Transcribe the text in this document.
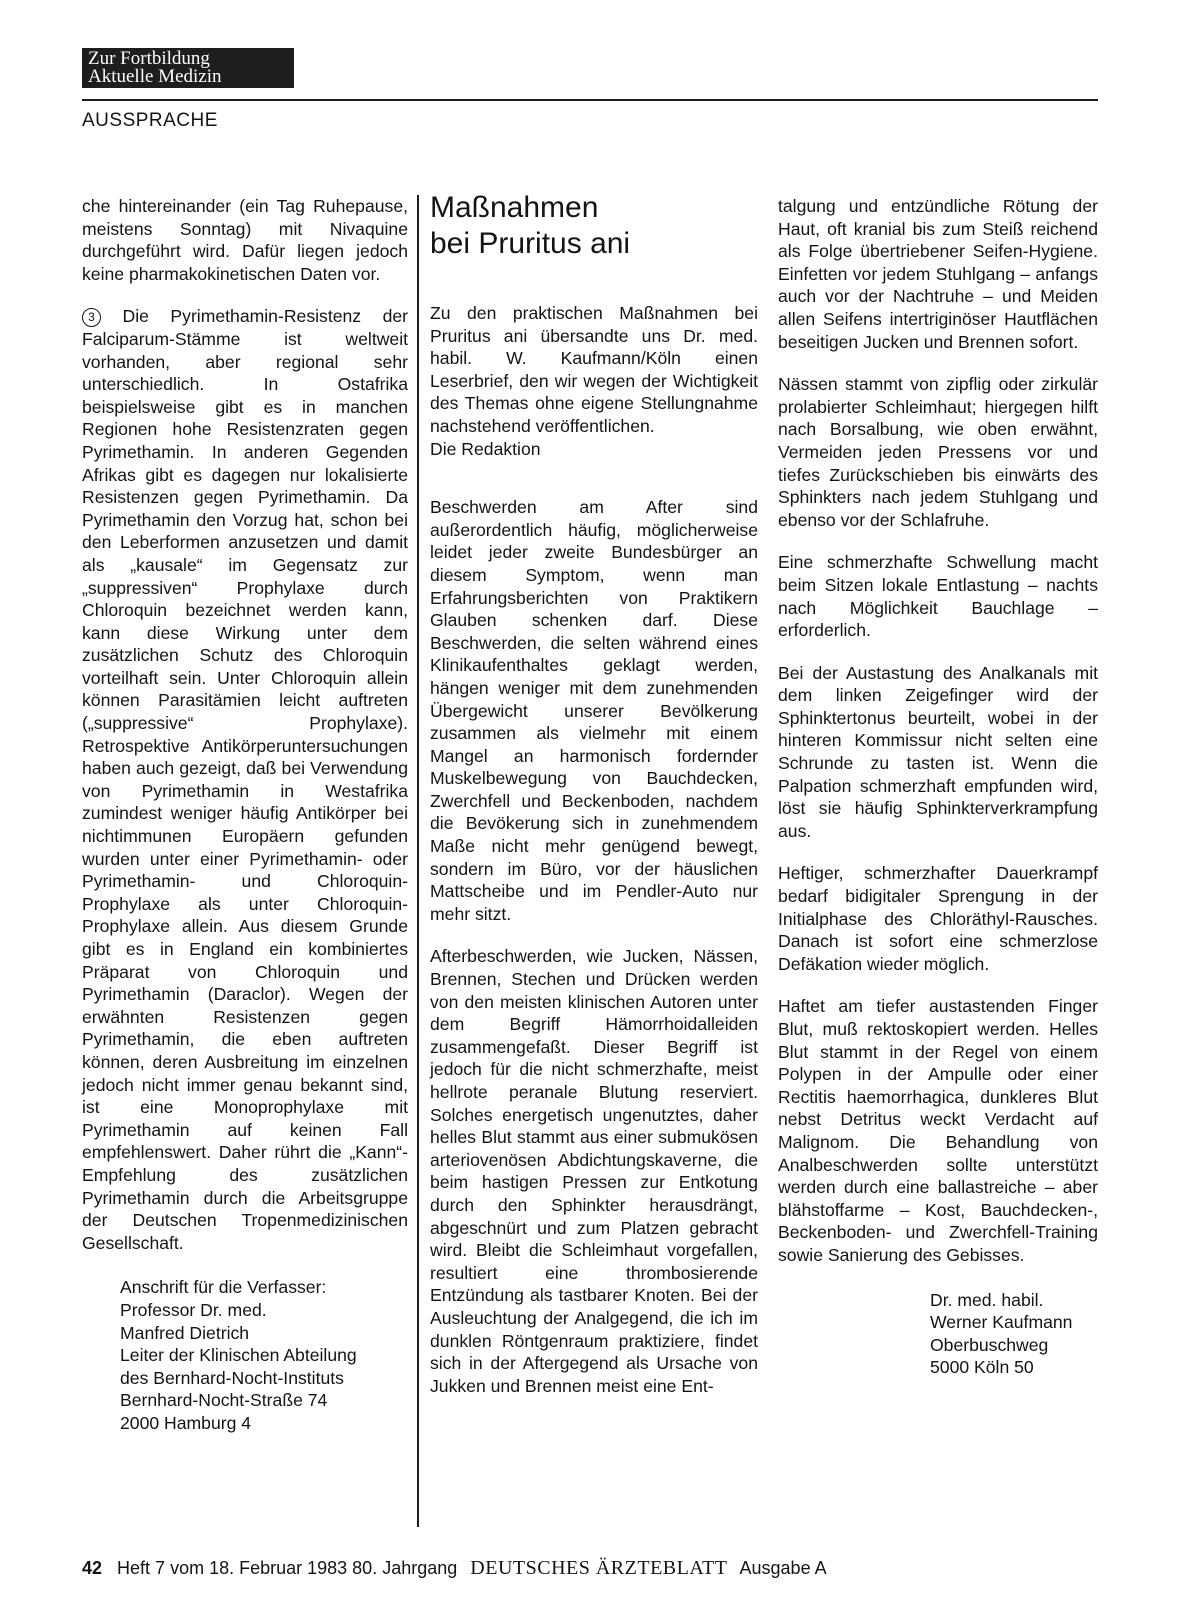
Zur Fortbildung
Aktuelle Medizin
AUSSPRACHE

che hintereinander (ein Tag Ruhepause, meistens Sonntag) mit Nivaquine durchgeführt wird. Dafür liegen jedoch keine pharmakokinetischen Daten vor.

3 Die Pyrimethamin-Resistenz der Falciparum-Stämme ist weltweit vorhanden, aber regional sehr unterschiedlich. In Ostafrika beispielsweise gibt es in manchen Regionen hohe Resistenzraten gegen Pyrimethamin. In anderen Gegenden Afrikas gibt es dagegen nur lokalisierte Resistenzen gegen Pyrimethamin. Da Pyrimethamin den Vorzug hat, schon bei den Leberformen anzusetzen und damit als „kausale“ im Gegensatz zur „suppressiven“ Prophylaxe durch Chloroquin bezeichnet werden kann, kann diese Wirkung unter dem zusätzlichen Schutz des Chloroquin vorteilhaft sein. Unter Chloroquin allein können Parasitämien leicht auftreten („suppressive“ Prophylaxe). Retrospektive Antikörperuntersuchungen haben auch gezeigt, daß bei Verwendung von Pyrimethamin in Westafrika zumindest weniger häufig Antikörper bei nichtimmunen Europäern gefunden wurden unter einer Pyrimethamin- oder Pyrimethamin- und Chloroquin-Prophylaxe als unter Chloroquin-Prophylaxe allein. Aus diesem Grunde gibt es in England ein kombiniertes Präparat von Chloroquin und Pyrimethamin (Daraclor). Wegen der erwähnten Resistenzen gegen Pyrimethamin, die eben auftreten können, deren Ausbreitung im einzelnen jedoch nicht immer genau bekannt sind, ist eine Monoprophylaxe mit Pyrimethamin auf keinen Fall empfehlenswert. Daher rührt die „Kann“-Empfehlung des zusätzlichen Pyrimethamin durch die Arbeitsgruppe der Deutschen Tropenmedizinischen Gesellschaft.

Anschrift für die Verfasser:
Professor Dr. med.
Manfred Dietrich
Leiter der Klinischen Abteilung
des Bernhard-Nocht-Instituts
Bernhard-Nocht-Straße 74
2000 Hamburg 4
Maßnahmen
bei Pruritus ani

Zu den praktischen Maßnahmen bei Pruritus ani übersandte uns Dr. med. habil. W. Kaufmann/Köln einen Leserbrief, den wir wegen der Wichtigkeit des Themas ohne eigene Stellungnahme nachstehend veröffentlichen.

Die Redaktion

Beschwerden am After sind außerordentlich häufig, möglicherweise leidet jeder zweite Bundesbürger an diesem Symptom, wenn man Erfahrungsberichten von Praktikern Glauben schenken darf. Diese Beschwerden, die selten während eines Klinikaufenthaltes geklagt werden, hängen weniger mit dem zunehmenden Übergewicht unserer Bevölkerung zusammen als vielmehr mit einem Mangel an harmonisch fordernder Muskelbewegung von Bauchdecken, Zwerchfell und Beckenboden, nachdem die Bevökerung sich in zunehmendem Maße nicht mehr genügend bewegt, sondern im Büro, vor der häuslichen Mattscheibe und im Pendler-Auto nur mehr sitzt.

Afterbeschwerden, wie Jucken, Nässen, Brennen, Stechen und Drücken werden von den meisten klinischen Autoren unter dem Begriff Hämorrhoidalleiden zusammengefaßt. Dieser Begriff ist jedoch für die nicht schmerzhafte, meist hellrote peranale Blutung reserviert. Solches energetisch ungenutztes, daher helles Blut stammt aus einer submukösen arteriovenösen Abdichtungskaverne, die beim hastigen Pressen zur Entkotung durch den Sphinkter herausdrängt, abgeschnürt und zum Platzen gebracht wird. Bleibt die Schleimhaut vorgefallen, resultiert eine thrombosierende Entzündung als tastbarer Knoten. Bei der Ausleuchtung der Analgegend, die ich im dunklen Röntgenraum praktiziere, findet sich in der Aftergegend als Ursache von Jukken und Brennen meist eine Ent-

talgung und entzündliche Rötung der Haut, oft kranial bis zum Steiß reichend als Folge übertriebener Seifen-Hygiene. Einfetten vor jedem Stuhlgang – anfangs auch vor der Nachtruhe – und Meiden allen Seifens intertriginöser Hautflächen beseitigen Jucken und Brennen sofort.

Nässen stammt von zipflig oder zirkulär prolabierter Schleimhaut; hiergegen hilft nach Borsalbung, wie oben erwähnt, Vermeiden jeden Pressens vor und tiefes Zurückschieben bis einwärts des Sphinkters nach jedem Stuhlgang und ebenso vor der Schlafruhe.

Eine schmerzhafte Schwellung macht beim Sitzen lokale Entlastung – nachts nach Möglichkeit Bauchlage – erforderlich.

Bei der Austastung des Analkanals mit dem linken Zeigefinger wird der Sphinktertonus beurteilt, wobei in der hinteren Kommissur nicht selten eine Schrunde zu tasten ist. Wenn die Palpation schmerzhaft empfunden wird, löst sie häufig Sphinkterverkrampfung aus.

Heftiger, schmerzhafter Dauerkrampf bedarf bidigitaler Sprengung in der Initialphase des Chloräthyl-Rausches. Danach ist sofort eine schmerzlose Defäkation wieder möglich.

Haftet am tiefer austastenden Finger Blut, muß rektoskopiert werden. Helles Blut stammt in der Regel von einem Polypen in der Ampulle oder einer Rectitis haemorrhagica, dunkleres Blut nebst Detritus weckt Verdacht auf Malignom. Die Behandlung von Analbeschwerden sollte unterstützt werden durch eine ballastreiche – aber blähstoffarme – Kost, Bauchdecken-, Beckenboden- und Zwerchfell-Training sowie Sanierung des Gebisses.

Dr. med. habil.
Werner Kaufmann
Oberbuschweg
5000 Köln 50
42 Heft 7 vom 18. Februar 1983 80. Jahrgang DEUTSCHES ÄRZTEBLATT Ausgabe A
